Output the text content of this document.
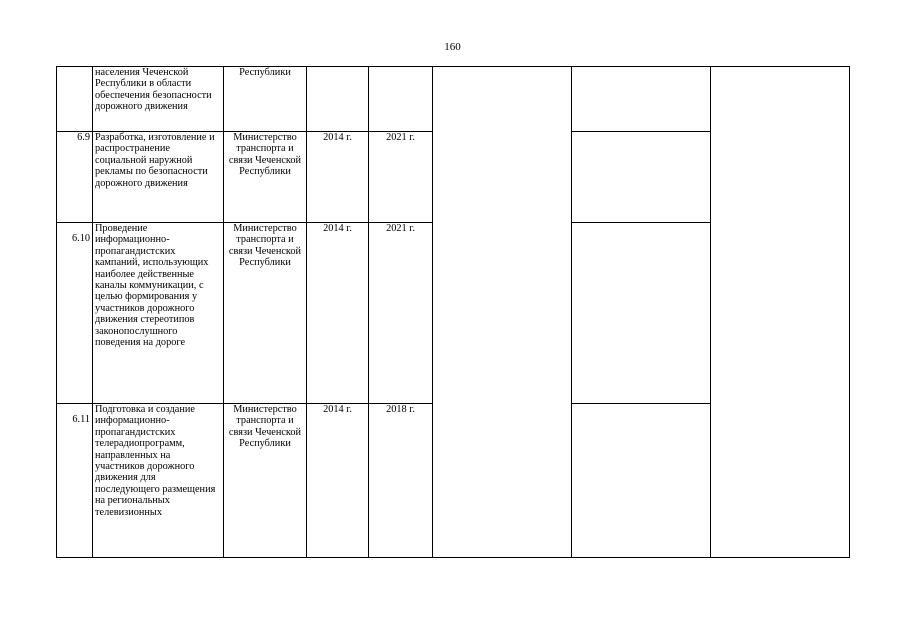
160
	населения Чеченской Республики в области обеспечения безопасности дорожного движения	Республики					

6.9	Разработка, изготовление и распространение социальной наружной рекламы по безопасности дорожного движения	Министерство транспорта и связи Чеченской Республики	2014 г.	2021 г.			

6.10	Проведение информационно-пропагандистских кампаний, использующих наиболее действенные каналы коммуникации, с целью формирования у участников дорожного движения стереотипов законопослушного поведения на дороге	Министерство транспорта и связи Чеченской Республики	2014 г.	2021 г.			

6.11	Подготовка и создание информационно-пропагандистских телерадиопрограмм, направленных на участников дорожного движения для последующего размещения на региональных телевизионных	Министерство транспорта и связи Чеченской Республики	2014 г.	2018 г.			
